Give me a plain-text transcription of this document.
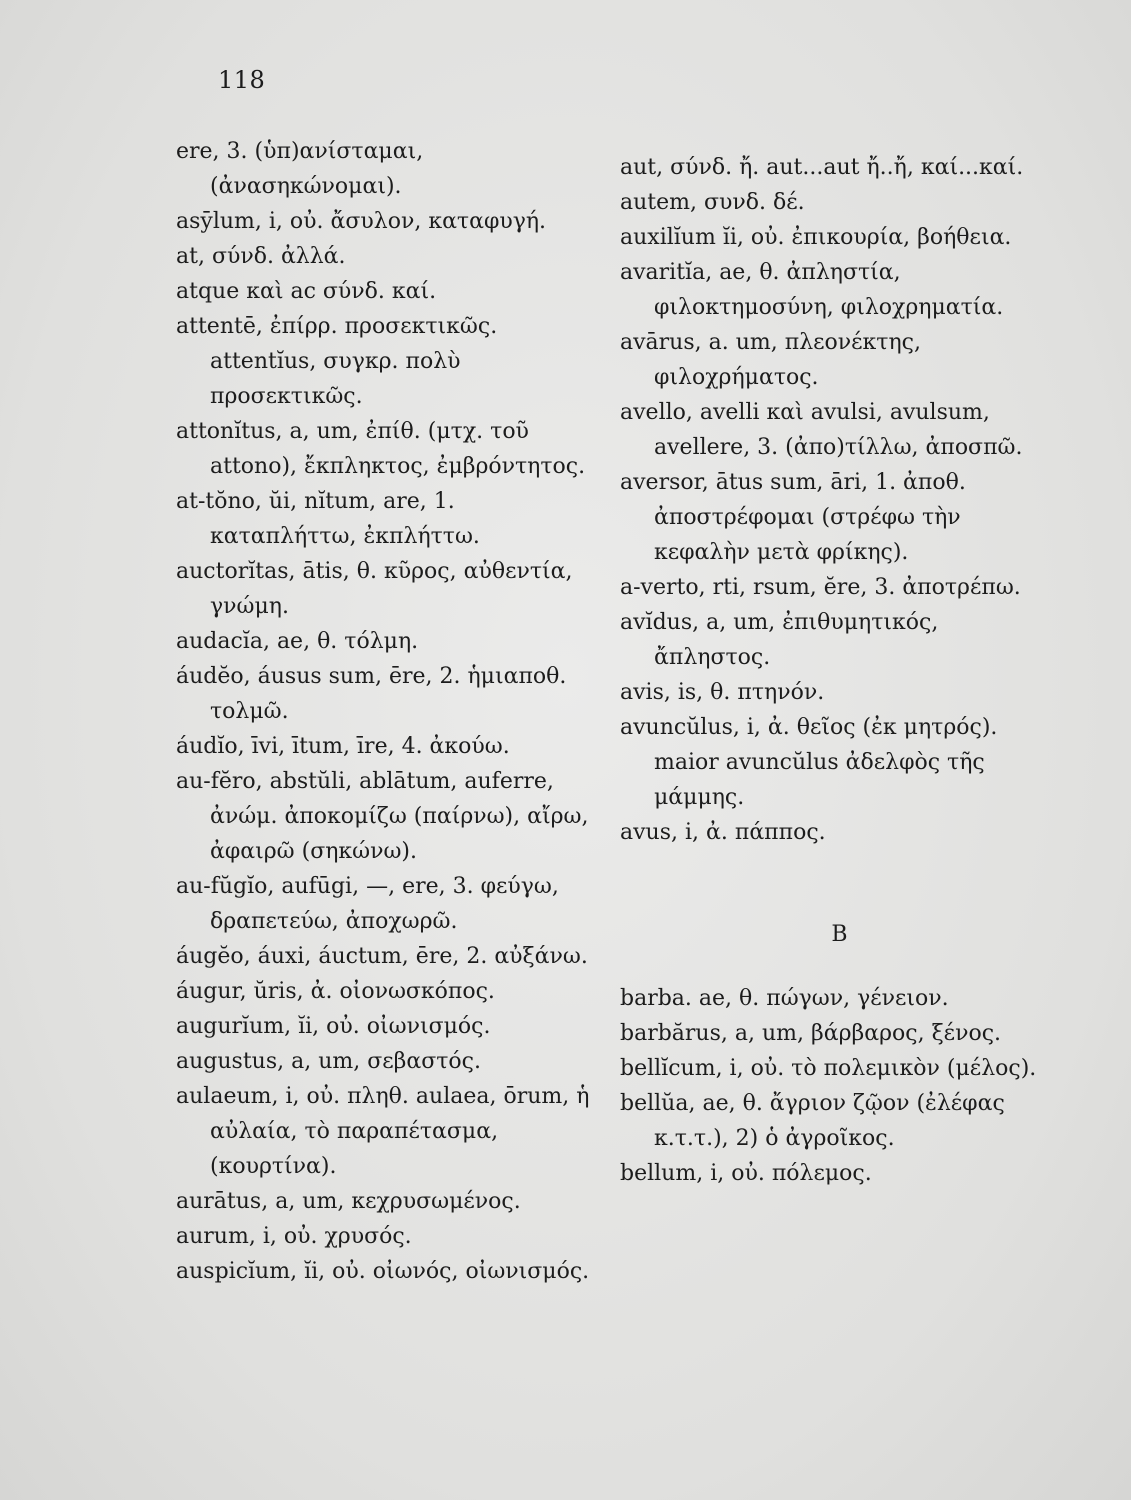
118

ere, 3. (ὑπ)ανίσταμαι, (ἀνασηκώνομαι).

asȳlum, i, οὐ. ἄσυλον, καταφυγή.

at, σύνδ. ἀλλά.

atque καὶ ac σύνδ. καί.

attentē, ἐπίρρ. προσεκτικῶς. attentĭus, συγκρ. πολὺ προσεκτικῶς.

attonĭtus, a, um, ἐπίθ. (μτχ. τοῦ attono), ἔκπληκτος, ἐμβρόντητος.

at-tŏno, ŭi, nĭtum, are, 1. καταπλήττω, ἐκπλήττω.

auctorĭtas, ātis, θ. κῦρος, αὐθεντία, γνώμη.

audacĭa, ae, θ. τόλμη.

áudĕo, áusus sum, ēre, 2. ἡμιαποθ. τολμῶ.

áudĭo, īvi, ītum, īre, 4. ἀκούω.

au-fĕro, abstŭli, ablātum, auferre, ἀνώμ. ἀποκομίζω (παίρνω), αἴρω, ἀφαιρῶ (σηκώνω).

au-fŭgĭo, aufūgi, —, ere, 3. φεύγω, δραπετεύω, ἀποχωρῶ.

áugĕo, áuxi, áuctum, ēre, 2. αὐξάνω.

áugur, ŭris, ἀ. οἰονωσκόπος.

augurĭum, ĭi, οὐ. οἰωνισμός.

augustus, a, um, σεβαστός.

aulaeum, i, οὐ. πληθ. aulaea, ōrum, ἡ αὐλαία, τὸ παραπέτασμα, (κουρτίνα).

aurātus, a, um, κεχρυσωμένος.

aurum, i, οὐ. χρυσός.

auspicĭum, ĭi, οὐ. οἰωνός, οἰωνισμός.

aut, σύνδ. ἤ. aut...aut ἤ..ἤ, καί...καί.

autem, συνδ. δέ.

auxilĭum ĭi, οὐ. ἐπικουρία, βοήθεια.

avaritĭa, ae, θ. ἀπληστία, φιλοκτημοσύνη, φιλοχρηματία.

avārus, a. um, πλεονέκτης, φιλοχρήματος.

avello, avelli καὶ avulsi, avulsum, avellere, 3. (ἀπο)τίλλω, ἀποσπῶ.

aversor, ātus sum, āri, 1. ἀποθ. ἀποστρέφομαι (στρέφω τὴν κεφαλὴν μετὰ φρίκης).

a-verto, rti, rsum, ĕre, 3. ἀποτρέπω.

avĭdus, a, um, ἐπιθυμητικός, ἄπληστος.

avis, is, θ. πτηνόν.

avuncŭlus, i, ἀ. θεῖος (ἐκ μητρός). maior avuncŭlus ἀδελφὸς τῆς μάμμης.

avus, i, ἀ. πάππος.

B

barba. ae, θ. πώγων, γένειον.

barbărus, a, um, βάρβαρος, ξένος.

bellĭcum, i, οὐ. τὸ πολεμικὸν (μέλος).

bellŭa, ae, θ. ἄγριον ζῷον (ἐλέφας κ.τ.τ.), 2) ὁ ἀγροῖκος.

bellum, i, οὐ. πόλεμος.
